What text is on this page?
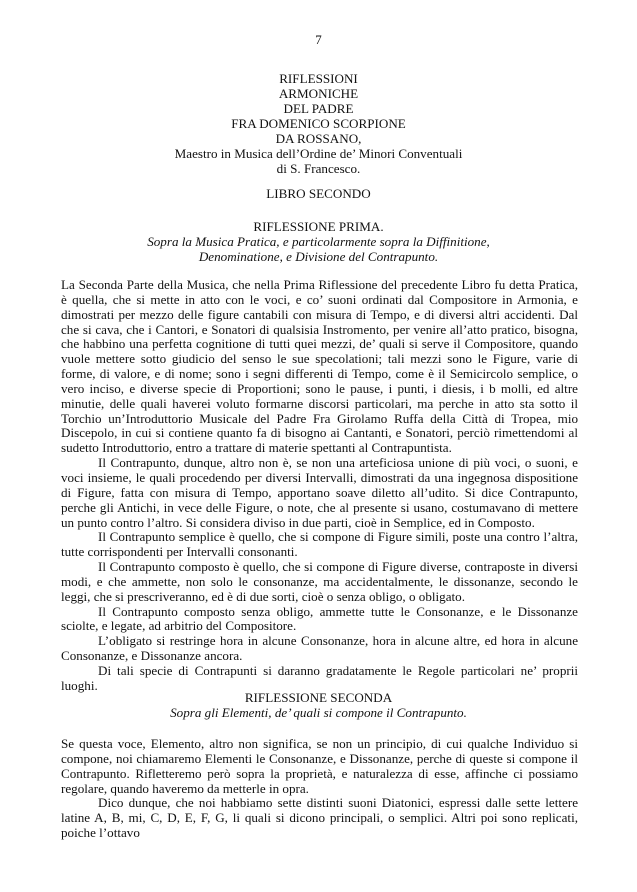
7
RIFLESSIONI
ARMONICHE
DEL PADRE
FRA DOMENICO SCORPIONE
DA ROSSANO,
Maestro in Musica dell’Ordine de’ Minori Conventuali
di S. Francesco.
LIBRO SECONDO
RIFLESSIONE PRIMA.
Sopra la Musica Pratica, e particolarmente sopra la Diffinitione,
Denominatione, e Divisione del Contrapunto.

La Seconda Parte della Musica, che nella Prima Riflessione del precedente Libro fu detta Pratica, è quella, che si mette in atto con le voci, e co’ suoni ordinati dal Compositore in Armonia, e dimostrati per mezzo delle figure cantabili con misura di Tempo, e di diversi altri accidenti. Dal che si cava, che i Cantori, e Sonatori di qualsisia Instromento, per venire all’atto pratico, bisogna, che habbino una perfetta cognitione di tutti quei mezzi, de’ quali si serve il Compositore, quando vuole mettere sotto giudicio del senso le sue specolationi; tali mezzi sono le Figure, varie di forme, di valore, e di nome; sono i segni differenti di Tempo, come è il Semicircolo semplice, o vero inciso, e diverse specie di Proportioni; sono le pause, i punti, i diesis, i b molli, ed altre minutie, delle quali haverei voluto formarne discorsi particolari, ma perche in atto sta sotto il Torchio un’Introduttorio Musicale del Padre Fra Girolamo Ruffa della Città di Tropea, mio Discepolo, in cui si contiene quanto fa di bisogno ai Cantanti, e Sonatori, perciò rimettendomi al sudetto Introduttorio, entro a trattare di materie spettanti al Contrapuntista.

Il Contrapunto, dunque, altro non è, se non una arteficiosa unione di più voci, o suoni, e voci insieme, le quali procedendo per diversi Intervalli, dimostrati da una ingegnosa dispositione di Figure, fatta con misura di Tempo, apportano soave diletto all’udito. Si dice Contrapunto, perche gli Antichi, in vece delle Figure, o note, che al presente si usano, costumavano di mettere un punto contro l’altro. Si considera diviso in due parti, cioè in Semplice, ed in Composto.

Il Contrapunto semplice è quello, che si compone di Figure simili, poste una contro l’altra, tutte corrispondenti per Intervalli consonanti.

Il Contrapunto composto è quello, che si compone di Figure diverse, contraposte in diversi modi, e che ammette, non solo le consonanze, ma accidentalmente, le dissonanze, secondo le leggi, che si prescriveranno, ed è di due sorti, cioè o senza obligo, o obligato.

Il Contrapunto composto senza obligo, ammette tutte le Consonanze, e le Dissonanze sciolte, e legate, ad arbitrio del Compositore.

L’obligato si restringe hora in alcune Consonanze, hora in alcune altre, ed hora in alcune Consonanze, e Dissonanze ancora.

Di tali specie di Contrapunti si daranno gradatamente le Regole particolari ne’ proprii luoghi.

RIFLESSIONE SECONDA
Sopra gli Elementi, de’ quali si compone il Contrapunto.

Se questa voce, Elemento, altro non significa, se non un principio, di cui qualche Individuo si compone, noi chiamaremo Elementi le Consonanze, e Dissonanze, perche di queste si compone il Contrapunto. Rifletteremo però sopra la proprietà, e naturalezza di esse, affinche ci possiamo regolare, quando haveremo da metterle in opra.

Dico dunque, che noi habbiamo sette distinti suoni Diatonici, espressi dalle sette lettere latine A, B, mi, C, D, E, F, G, li quali si dicono principali, o semplici. Altri poi sono replicati, poiche l’ottavo
